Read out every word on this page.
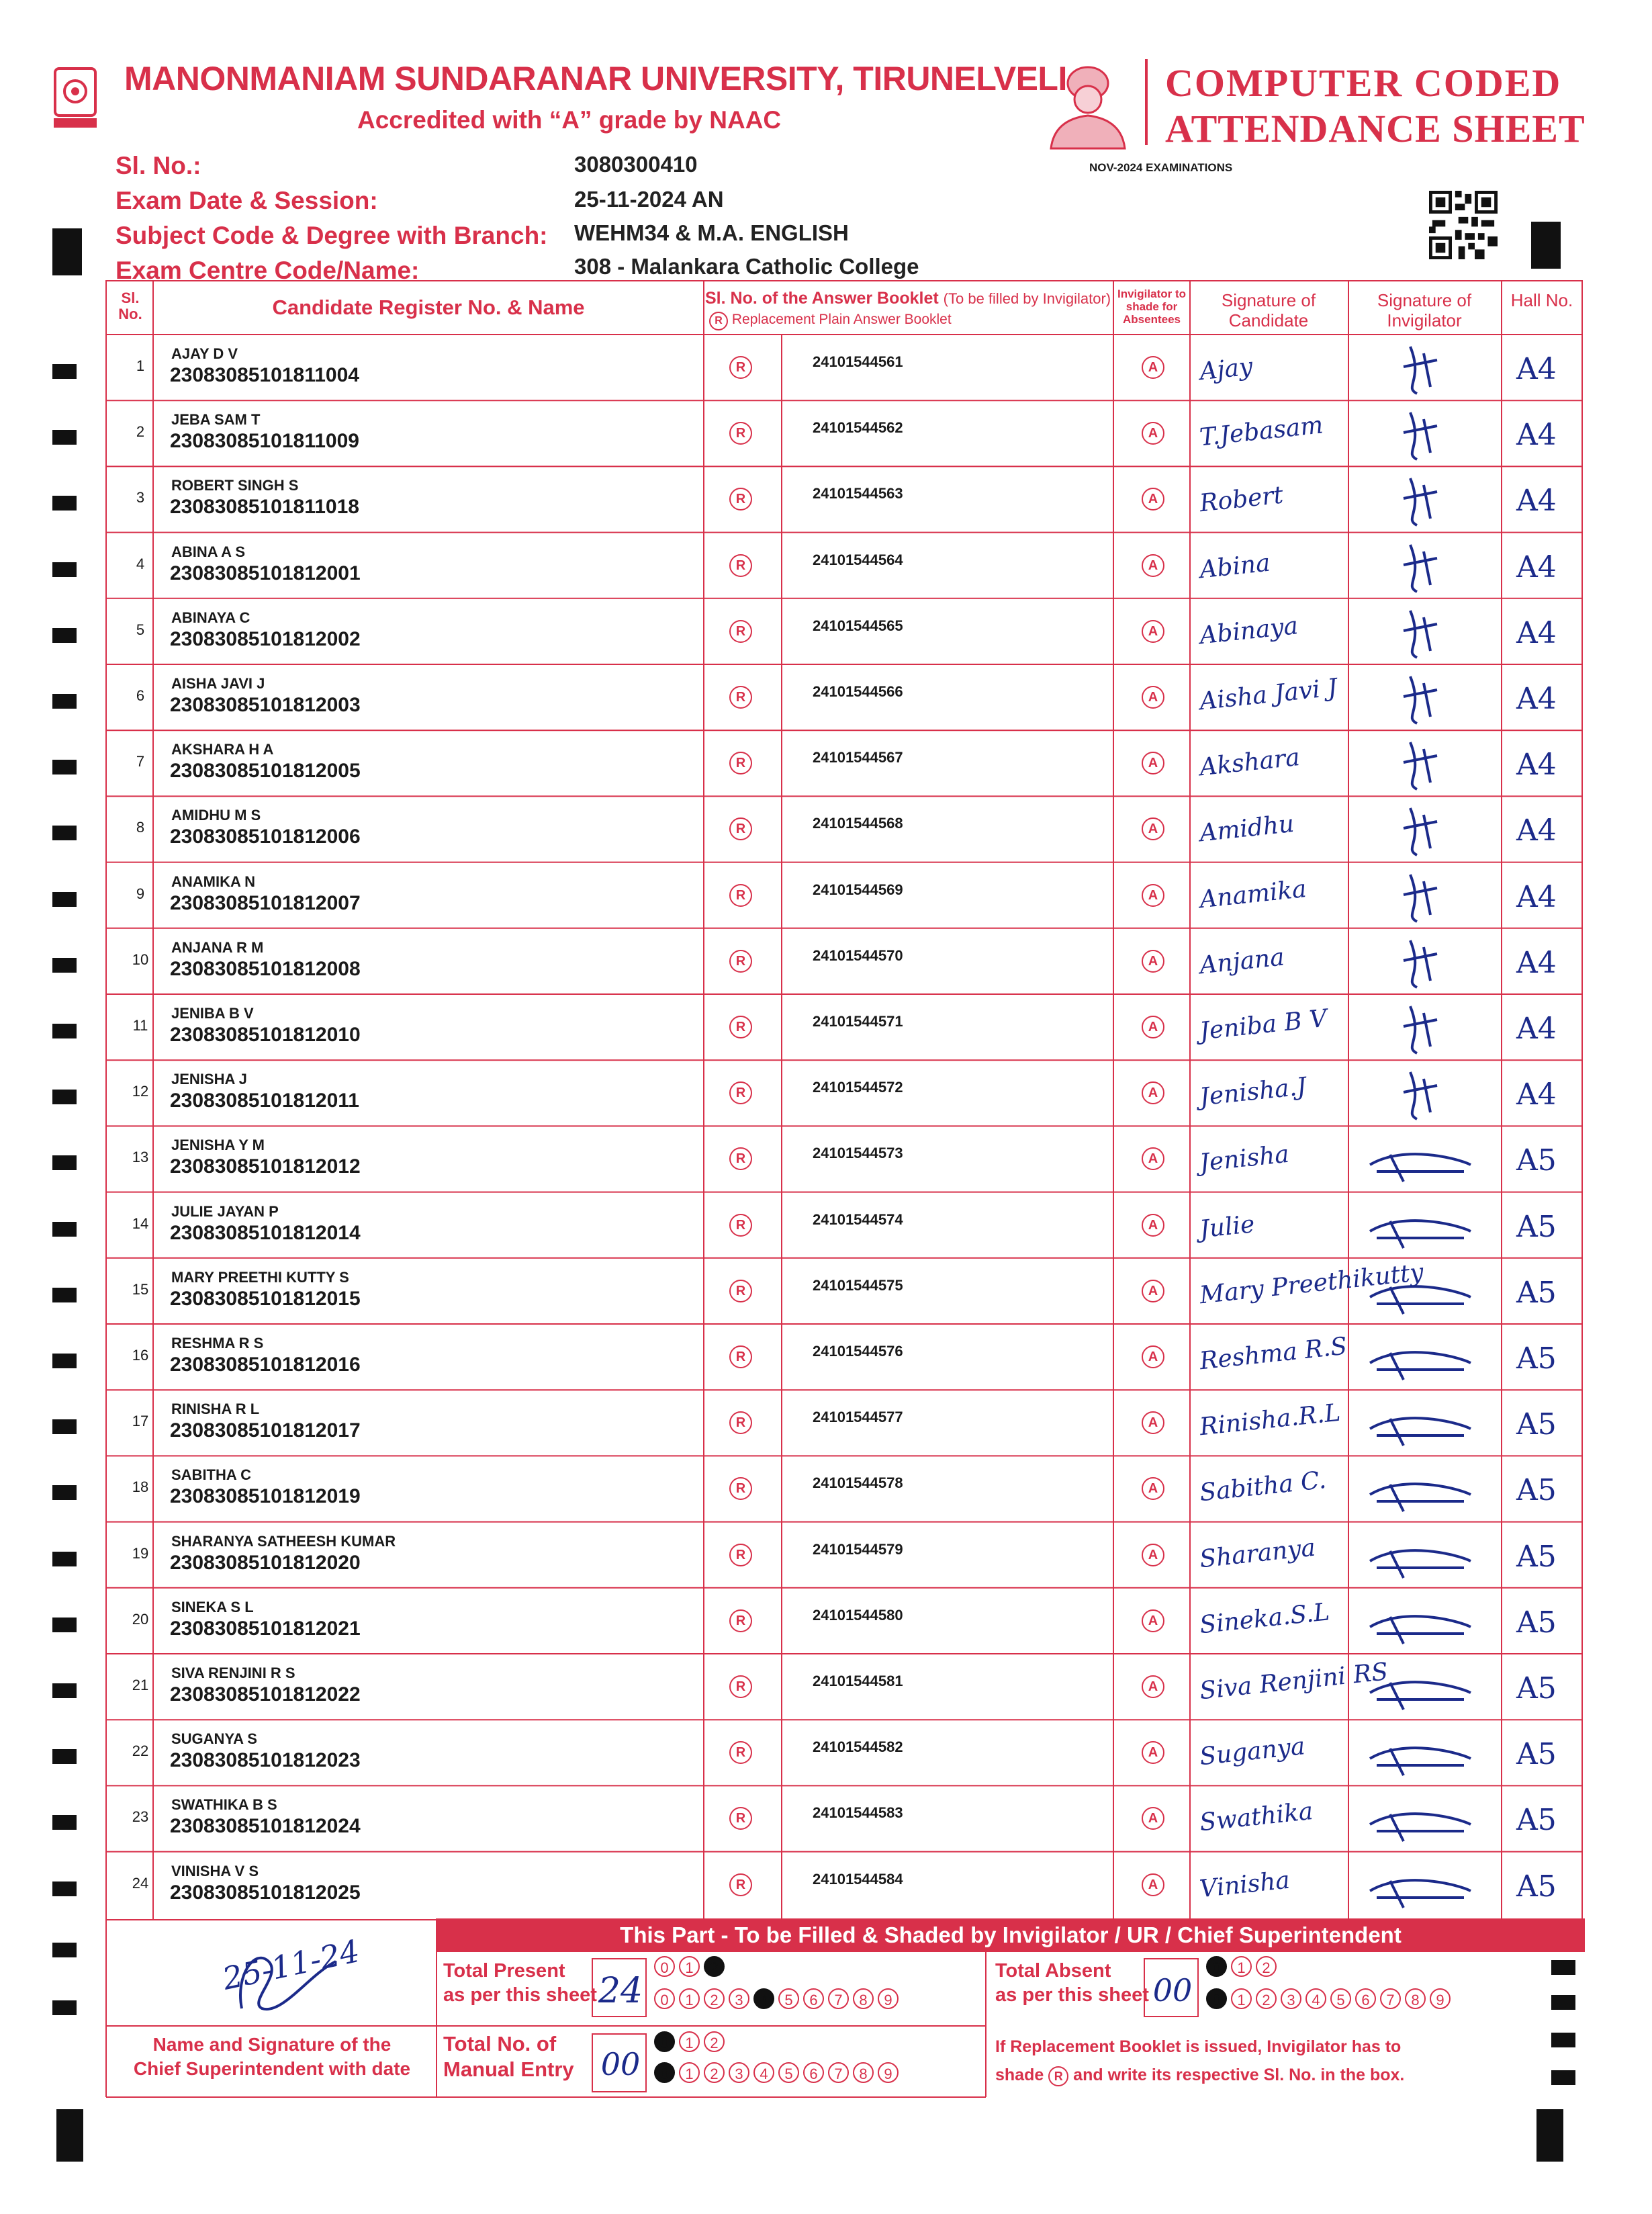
MANONMANIAM SUNDARANAR UNIVERSITY, TIRUNELVELI
Accredited with “A” grade by NAAC
COMPUTER CODED
ATTENDANCE SHEET
Sl. No.:	3080300410
Exam Date & Session:	25-11-2024 AN
Subject Code & Degree with Branch: WEHM34 & M.A. ENGLISH
Exam Centre Code/Name:	308 - Malankara Catholic College
NOV-2024 EXAMINATIONS
Sl. No.	Candidate Register No. & Name	Sl. No. of the Answer Booklet (To be filled by Invigilator)
R Replacement Plain Answer Booklet
Invigilator to shade for Absentees
Signature of Candidate
Signature of Invigilator
Hall No.
1
AJAY D V
23083085101811004	R	24101544561	A Ajay	A4
2
JEBA SAM T
23083085101811009	R	24101544562	A T.Jebasam	A4
3
ROBERT SINGH S
23083085101811018	R	24101544563	A Robert	A4
4
ABINA A S
23083085101812001	R	24101544564	A Abina	A4
5
ABINAYA C
23083085101812002	R	24101544565	A Abinaya	A4
6
AISHA JAVI J
23083085101812003	R	24101544566	A Aisha Javi J	A4
7
AKSHARA H A
23083085101812005	R	24101544567	A Akshara	A4
8
AMIDHU M S
23083085101812006	R	24101544568	A Amidhu	A4
9
ANAMIKA N
23083085101812007	R	24101544569	A Anamika	A4
10
ANJANA R M
23083085101812008	R	24101544570	A Anjana	A4
11
JENIBA B V
23083085101812010	R	24101544571	A Jeniba B V	A4
12
JENISHA J
23083085101812011	R	24101544572	A Jenisha.J	A4
13
JENISHA Y M
23083085101812012	R	24101544573	A Jenisha	A5
14
JULIE JAYAN P
23083085101812014	R	24101544574	A Julie	A5
15
MARY PREETHI KUTTY S
23083085101812015	R	24101544575	A Mary Preethikutty	A5
16
RESHMA R S
23083085101812016	R	24101544576	A Reshma R.S	A5
17
RINISHA R L
23083085101812017	R	24101544577	A Rinisha.R.L	A5
18
SABITHA C
23083085101812019	R	24101544578	A Sabitha C.	A5
19
SHARANYA SATHEESH KUMAR
23083085101812020	R	24101544579	A Sharanya	A5
20
SINEKA S L
23083085101812021	R	24101544580	A Sineka.S.L	A5
21
SIVA RENJINI R S
23083085101812022	R	24101544581	A Siva Renjini RS	A5
22
SUGANYA S
23083085101812023	R	24101544582	A Suganya	A5
23
SWATHIKA B S
23083085101812024	R	24101544583	A Swathika	A5
24
VINISHA V S
23083085101812025	R	24101544584	A Vinisha	A5
This Part - To be Filled & Shaded by Invigilator / UR / Chief Superintendent
25-11-24
Name and Signature of the
Chief Superintendent with date
Total Present
as per this sheet 24
0 1 2
0 1 2 3 4 5 6 7 8 9
Total Absent
as per this sheet 00
0 1 2
0 1 2 3 4 5 6 7 8 9
Total No. of
Manual Entry 00
0 1 2
0 1 2 3 4 5 6 7 8 9
If Replacement Booklet is issued, Invigilator has to
shade R and write its respective Sl. No. in the box.
